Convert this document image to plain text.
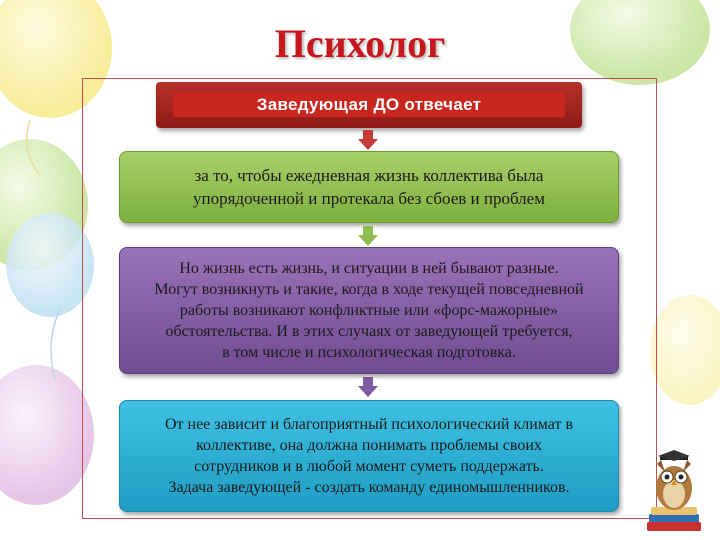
Психолог
Заведующая ДО отвечает
за то, чтобы ежедневная жизнь коллектива была
упорядоченной и протекала без сбоев и проблем
Но жизнь есть жизнь, и ситуации в ней бывают разные.
Могут возникнуть и такие, когда в ходе текущей повседневной
работы возникают конфликтные или «форс-мажорные»
обстоятельства. И в этих случаях от заведующей требуется,
в том числе и психологическая подготовка.
От нее зависит и благоприятный психологический климат в
коллективе, она должна понимать проблемы своих
сотрудников и в любой момент суметь поддержать.
Задача заведующей - создать команду единомышленников.
